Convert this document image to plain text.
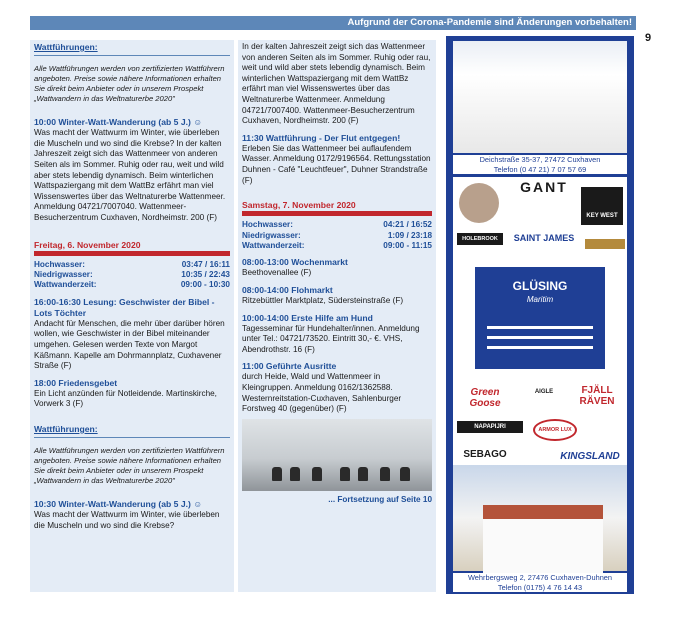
Aufgrund der Corona-Pandemie sind Änderungen vorbehalten!
9
Wattführungen:

Alle Wattführungen werden von zertifizierten Wattführern angeboten. Preise sowie nähere Informationen erhalten Sie direkt beim Anbieter oder in unserem Prospekt „Wattwandern in das Weltnaturerbe 2020"

10:00 Winter-Watt-Wanderung (ab 5 J.) ☺

Was macht der Wattwurm im Winter, wie überleben die Muscheln und wo sind die Krebse? In der kalten Jahreszeit zeigt sich das Wattenmeer von anderen Seiten als im Sommer. Ruhig oder rau, weit und wild aber stets lebendig dynamisch. Beim winterlichen Wattspaziergang mit dem WattBz erfährt man viel Wissenswertes über das Weltnaturerbe Wattenmeer. Anmeldung 04721/7007040. Wattenmeer-Besucherzentrum Cuxhaven, Nordheimstr. 200 (F)

Freitag, 6. November 2020
Hochwasser:	03:47 / 16:11
Niedrigwasser:	10:35 / 22:43
Wattwanderzeit:	09:00 - 10:30
16:00-16:30 Lesung: Geschwister der Bibel - Lots Töchter

Andacht für Menschen, die mehr über darüber hören wollen, wie Geschwister in der Bibel miteinander umgehen. Gelesen werden Texte von Margot Käßmann. Kapelle am Dohrmannplatz, Cuxhavener Straße (F)

18:00 Friedensgebet

Ein Licht anzünden für Notleidende. Martinskirche, Vorwerk 3 (F)

Wattführungen:

Alle Wattführungen werden von zertifizierten Wattführern angeboten. Preise sowie nähere Informationen erhalten Sie direkt beim Anbieter oder in unserem Prospekt „Wattwandern in das Weltnaturerbe 2020"

10:30 Winter-Watt-Wanderung (ab 5 J.) ☺

Was macht der Wattwurm im Winter, wie überleben die Muscheln und wo sind die Krebse?

In der kalten Jahreszeit zeigt sich das Wattenmeer von anderen Seiten als im Sommer. Ruhig oder rau, weit und wild aber stets lebendig dynamisch. Beim winterlichen Wattspaziergang mit dem WattBz erfährt man viel Wissenswertes über das Weltnaturerbe Wattenmeer. Anmeldung 04721/7007400. Wattenmeer-Besucherzentrum Cuxhaven, Nordheimstr. 200 (F)

11:30 Wattführung - Der Flut entgegen!

Erleben Sie das Wattenmeer bei auflaufendem Wasser. Anmeldung 0172/9196564. Rettungsstation Duhnen - Café "Leuchtfeuer", Duhner Strandstraße (F)

Samstag, 7. November 2020
Hochwasser:	04:21 / 16:52
Niedrigwasser:	1:09 / 23:18
Wattwanderzeit:	09:00 - 11:15
08:00-13:00 Wochenmarkt

Beethovenallee (F)

08:00-14:00 Flohmarkt

Ritzebüttler Marktplatz, Südersteinstraße (F)

10:00-14:00 Erste Hilfe am Hund

Tagesseminar für Hundehalter/innen. Anmeldung unter Tel.: 04721/73520. Eintritt 30,- €. VHS, Abendrothstr. 16 (F)

11:00 Geführte Ausritte

durch Heide, Wald und Wattenmeer in Kleingruppen. Anmeldung 0162/1362588. Westernreitstation-Cuxhaven, Sahlenburger Forstweg 40 (gegenüber) (F)

... Fortsetzung auf Seite 10
Deichstraße 35-37, 27472 Cuxhaven
Telefon (0 47 21) 7 07 57 69
GANT
KEY WEST
HOLEBROOK	SAINT JAMES
GLÜSING
Maritim
Green Goose
AIGLE	FJÄLL RÄVEN
NAPAPIJRI	ARMOR LUX
SEBAGO	KINGSLAND
Wehrbergsweg 2, 27476 Cuxhaven-Duhnen
Telefon (0175) 4 76 14 43
